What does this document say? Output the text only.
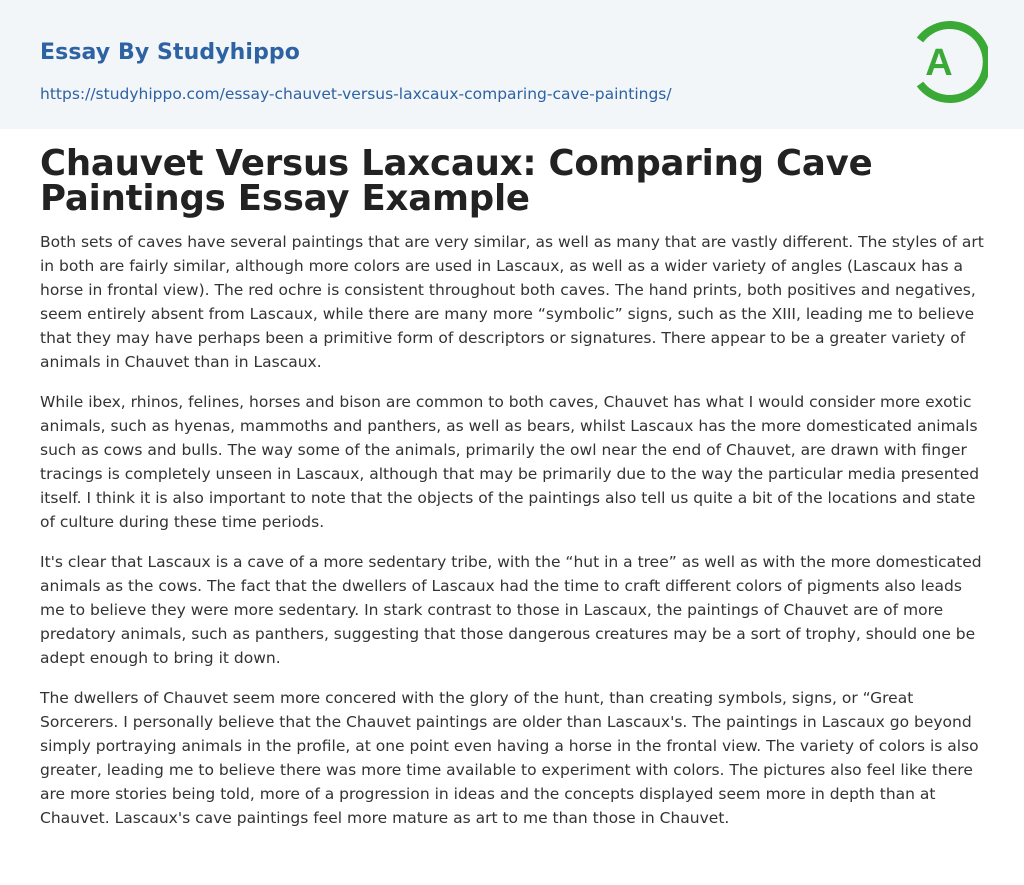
Essay By Studyhippo
https://studyhippo.com/essay-chauvet-versus-laxcaux-comparing-cave-paintings/
A
Chauvet Versus Laxcaux: Comparing Cave Paintings Essay Example

Both sets of caves have several paintings that are very similar, as well as many that are vastly different. The styles of art in both are fairly similar, although more colors are used in Lascaux, as well as a wider variety of angles (Lascaux has a horse in frontal view). The red ochre is consistent throughout both caves. The hand prints, both positives and negatives, seem entirely absent from Lascaux, while there are many more “symbolic” signs, such as the XIII, leading me to believe that they may have perhaps been a primitive form of descriptors or signatures. There appear to be a greater variety of animals in Chauvet than in Lascaux.

While ibex, rhinos, felines, horses and bison are common to both caves, Chauvet has what I would consider more exotic animals, such as hyenas, mammoths and panthers, as well as bears, whilst Lascaux has the more domesticated animals such as cows and bulls. The way some of the animals, primarily the owl near the end of Chauvet, are drawn with finger tracings is completely unseen in Lascaux, although that may be primarily due to the way the particular media presented itself. I think it is also important to note that the objects of the paintings also tell us quite a bit of the locations and state of culture during these time periods.

It's clear that Lascaux is a cave of a more sedentary tribe, with the “hut in a tree” as well as with the more domesticated animals as the cows. The fact that the dwellers of Lascaux had the time to craft different colors of pigments also leads me to believe they were more sedentary. In stark contrast to those in Lascaux, the paintings of Chauvet are of more predatory animals, such as panthers, suggesting that those dangerous creatures may be a sort of trophy, should one be adept enough to bring it down.

The dwellers of Chauvet seem more concered with the glory of the hunt, than creating symbols, signs, or “Great Sorcerers. I personally believe that the Chauvet paintings are older than Lascaux's. The paintings in Lascaux go beyond simply portraying animals in the profile, at one point even having a horse in the frontal view. The variety of colors is also greater, leading me to believe there was more time available to experiment with colors. The pictures also feel like there are more stories being told, more of a progression in ideas and the concepts displayed seem more in depth than at Chauvet. Lascaux's cave paintings feel more mature as art to me than those in Chauvet.
